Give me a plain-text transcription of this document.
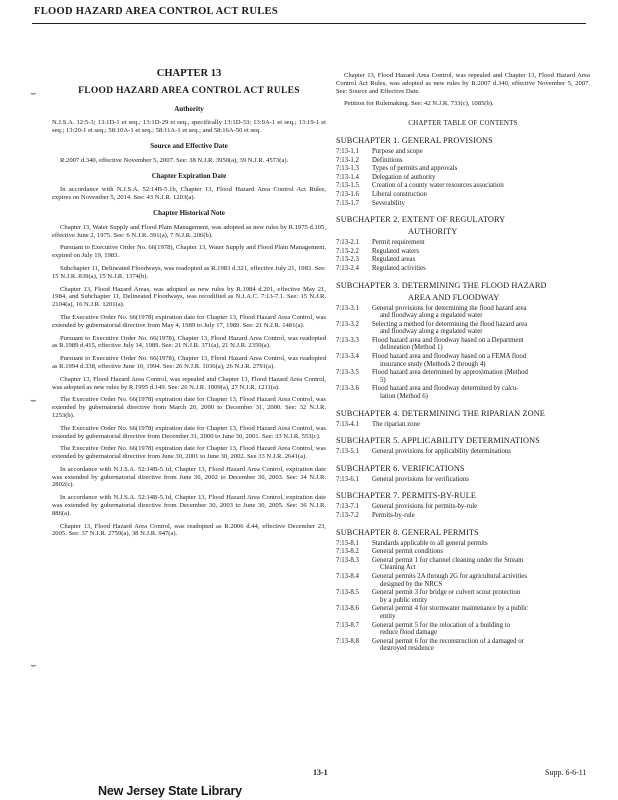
FLOOD HAZARD AREA CONTROL ACT RULES
⌣
⌣
⌣
CHAPTER 13
FLOOD HAZARD AREA CONTROL ACT RULES
Authority

N.J.S.A. 12:5-3; 13:1D-1 et seq.; 13:1D-29 et seq., specifically 13:1D-33; 13:9A-1 et seq.; 13:19-1 et seq.; 13:20-1 et seq.; 58:10A-1 et seq.; 58:11A-1 et seq.; and 58:16A-50 et seq.

Source and Effective Date

R.2007 d.340, effective November 5, 2007. See: 38 N.J.R. 3950(a), 39 N.J.R. 4573(a).

Chapter Expiration Date

In accordance with N.J.S.A. 52:14B-5.1b, Chapter 13, Flood Hazard Area Control Act Rules, expires on November 5, 2014. See: 43 N.J.R. 1203(a).

Chapter Historical Note

Chapter 13, Water Supply and Flood Plain Management, was adopted as new rules by R.1975 d.105, effective June 2, 1975. See: 6 N.J.R. 391(a), 7 N.J.R. 206(b).

Pursuant to Executive Order No. 66(1978), Chapter 13, Water Supply and Flood Plain Management, expired on July 19, 1983.

Subchapter 11, Delineated Floodways, was readopted as R.1983 d.321, effective July 21, 1983. See: 15 N.J.R. 839(a), 15 N.J.R. 1374(b).

Chapter 13, Flood Hazard Areas, was adopted as new rules by R.1984 d.201, effective May 21, 1984, and Subchapter 11, Delineated Floodways, was recodified as N.J.A.C. 7:13-7.1. See: 15 N.J.R. 2104(a), 16 N.J.R. 1201(a).

The Executive Order No. 66(1978) expiration date for Chapter 13, Flood Hazard Area Control, was extended by gubernatorial directive from May 4, 1989 to July 17, 1989. See: 21 N.J.R. 1481(a).

Pursuant to Executive Order No. 66(1978), Chapter 13, Flood Hazard Area Control, was readopted as R.1989 d.415, effective July 14, 1989. See: 21 N.J.R. 371(a), 21 N.J.R. 2350(a).

Pursuant to Executive Order No. 66(1978), Chapter 13, Flood Hazard Area Control, was readopted as R.1994 d.338, effective June 10, 1994. See: 26 N.J.R. 1036(a), 26 N.J.R. 2791(a).

Chapter 13, Flood Hazard Area Control, was repealed and Chapter 13, Flood Hazard Area Control, was adopted as new rules by R.1995 d.149. See: 26 N.J.R. 1009(a), 27 N.J.R. 1211(a).

The Executive Order No. 66(1978) expiration date for Chapter 13, Flood Hazard Area Control, was extended by gubernatorial directive from March 20, 2000 to December 31, 2000. See: 32 N.J.R. 1253(b).

The Executive Order No. 66(1978) expiration date for Chapter 13, Flood Hazard Area Control, was extended by gubernatorial directive from December 31, 2000 to June 30, 2001. See: 33 N.J.R. 553(c).

The Executive Order No. 66(1978) expiration date for Chapter 13, Flood Hazard Area Control, was extended by gubernatorial directive from June 30, 2001 to June 30, 2002. See 33 N.J.R. 2641(a).

In accordance with N.J.S.A. 52:14B-5.1d, Chapter 13, Flood Hazard Area Control, expiration date was extended by gubernatorial directive from June 30, 2002 to December 30, 2003. See: 34 N.J.R. 2802(c).

In accordance with N.J.S.A. 52:14B-5.1d, Chapter 13, Flood Hazard Area Control, expiration date was extended by gubernatorial directive from December 30, 2003 to June 30, 2005. See: 36 N.J.R. 886(a).

Chapter 13, Flood Hazard Area Control, was readopted as R.2006 d.44, effective December 23, 2005. See: 37 N.J.R. 2759(a), 38 N.J.R. 947(a).

Chapter 13, Flood Hazard Area Control, was repealed and Chapter 13, Flood Hazard Area Control Act Rules, was adopted as new rules by R.2007 d.340, effective November 5, 2007. See: Source and Effective Date.

Petition for Rulemaking. See: 42 N.J.R. 733(c), 1085(b).

CHAPTER TABLE OF CONTENTS
SUBCHAPTER 1. GENERAL PROVISIONS
7:13-1.1	Purpose and scope
7:13-1.2	Definitions
7:13-1.3	Types of permits and approvals
7:13-1.4	Delegation of authority
7:13-1.5	Creation of a county water resources association
7:13-1.6	Liberal construction
7:13-1.7	Severability
SUBCHAPTER 2. EXTENT OF REGULATORY
AUTHORITY
7:13-2.1	Permit requirement
7:13-2.2	Regulated waters
7:13-2.3	Regulated areas
7:13-2.4	Regulated activities
SUBCHAPTER 3. DETERMINING THE FLOOD HAZARD
AREA AND FLOODWAY
7:13-3.1	General provisions for determining the flood hazard area
and floodway along a regulated water
7:13-3.2	Selecting a method for determining the flood hazard area
and floodway along a regulated water
7:13-3.3	Flood hazard area and floodway based on a Department
delineation (Method 1)
7:13-3.4	Flood hazard area and floodway based on a FEMA flood
insurance study (Methods 2 through 4)
7:13-3.5	Flood hazard area determined by approximation (Method
5)
7:13-3.6	Flood hazard area and floodway determined by calcu-
lation (Method 6)
SUBCHAPTER 4. DETERMINING THE RIPARIAN ZONE
7:13-4.1	The riparian zone
SUBCHAPTER 5. APPLICABILITY DETERMINATIONS
7:13-5.1	General provisions for applicability determinations
SUBCHAPTER 6. VERIFICATIONS
7:13-6.1	General provisions for verifications
SUBCHAPTER 7. PERMITS-BY-RULE
7:13-7.1	General provisions for permits-by-rule
7:13-7.2	Permits-by-rule
SUBCHAPTER 8. GENERAL PERMITS
7:13-8.1	Standards applicable to all general permits
7:13-8.2	General permit conditions
7:13-8.3	General permit 1 for channel cleaning under the Stream
Cleaning Act
7:13-8.4	General permits 2A through 2G for agricultural activities
designed by the NRCS
7:13-8.5	General permit 3 for bridge or culvert scour protection
by a public entity
7:13-8.6	General permit 4 for stormwater maintenance by a public
entity
7:13-8.7	General permit 5 for the relocation of a building to
reduce flood damage
7:13-8.8	General permit 6 for the reconstruction of a damaged or
destroyed residence
13-1	Supp. 6-6-11
New Jersey State Library
